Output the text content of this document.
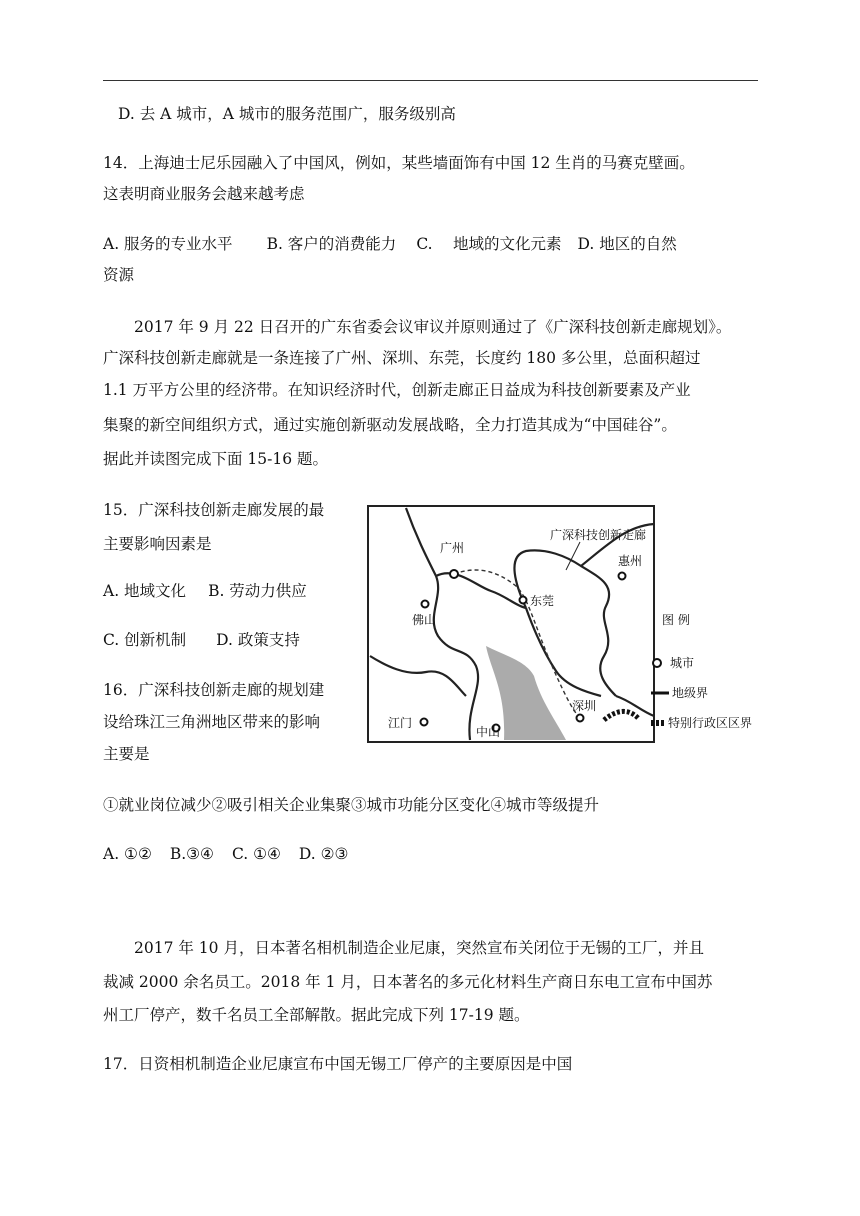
D. 去 A 城市，A 城市的服务范围广，服务级别高
14．上海迪士尼乐园融入了中国风，例如，某些墙面饰有中国 12 生肖的马赛克壁画。
这表明商业服务会越来越考虑
A. 服务的专业水平 B. 客户的消费能力 C.　 地域的文化元素 D. 地区的自然
资源
2017 年 9 月 22 日召开的广东省委会议审议并原则通过了《广深科技创新走廊规划》。
广深科技创新走廊就是一条连接了广州、深圳、东莞，长度约 180 多公里，总面积超过
1.1 万平方公里的经济带。在知识经济时代，创新走廊正日益成为科技创新要素及产业
集聚的新空间组织方式，通过实施创新驱动发展战略，全力打造其成为“中国硅谷”。
据此并读图完成下面 15-16 题。
15．广深科技创新走廊发展的最
主要影响因素是
A. 地域文化 B. 劳动力供应
C. 创新机制 D. 政策支持
16．广深科技创新走廊的规划建
设给珠江三角洲地区带来的影响
主要是
①就业岗位减少②吸引相关企业集聚③城市功能分区变化④城市等级提升
A. ①② B.③④ C. ①④ D. ②③
广州
东莞
惠州
佛山
江门
中山
深圳
广深科技创新走廊
图 例
城市
地级界
特别行政区区界
2017 年 10 月，日本著名相机制造企业尼康，突然宣布关闭位于无锡的工厂，并且
裁减 2000 余名员工。2018 年 1 月，日本著名的多元化材料生产商日东电工宣布中国苏
州工厂停产，数千名员工全部解散。据此完成下列 17-19 题。
17．日资相机制造企业尼康宣布中国无锡工厂停产的主要原因是中国
